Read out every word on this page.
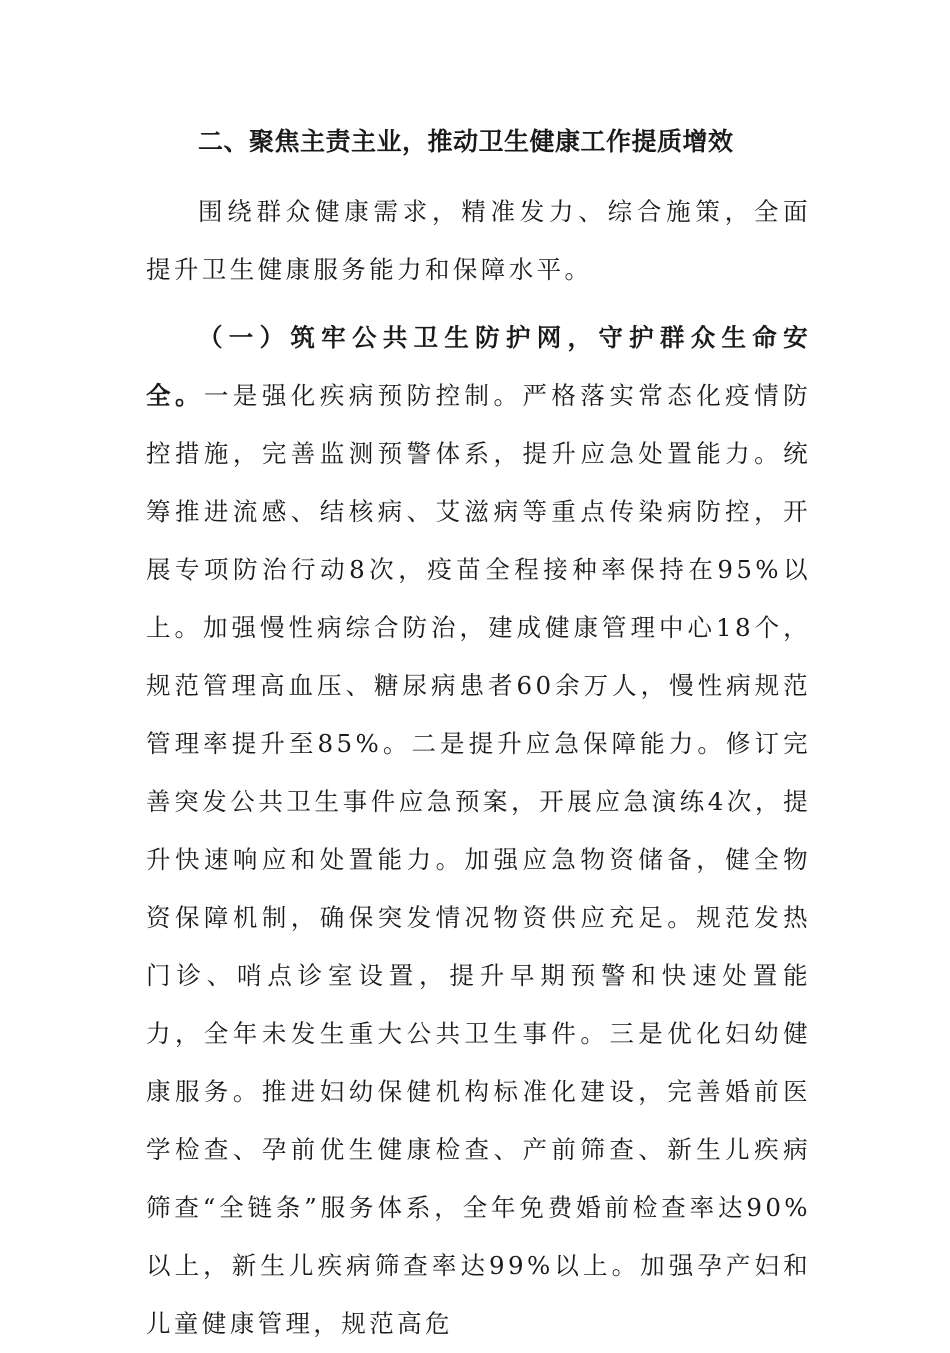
二、聚焦主责主业，推动卫生健康工作提质增效

围绕群众健康需求，精准发力、综合施策，全面提升卫生健康服务能力和保障水平。

（一）筑牢公共卫生防护网，守护群众生命安全。一是强化疾病预防控制。严格落实常态化疫情防控措施，完善监测预警体系，提升应急处置能力。统筹推进流感、结核病、艾滋病等重点传染病防控，开展专项防治行动8次，疫苗全程接种率保持在95%以上。加强慢性病综合防治，建成健康管理中心18个，规范管理高血压、糖尿病患者60余万人，慢性病规范管理率提升至85%。二是提升应急保障能力。修订完善突发公共卫生事件应急预案，开展应急演练4次，提升快速响应和处置能力。加强应急物资储备，健全物资保障机制，确保突发情况物资供应充足。规范发热门诊、哨点诊室设置，提升早期预警和快速处置能力，全年未发生重大公共卫生事件。三是优化妇幼健康服务。推进妇幼保健机构标准化建设，完善婚前医学检查、孕前优生健康检查、产前筛查、新生儿疾病筛查“全链条”服务体系，全年免费婚前检查率达90%以上，新生儿疾病筛查率达99%以上。加强孕产妇和儿童健康管理，规范高危
